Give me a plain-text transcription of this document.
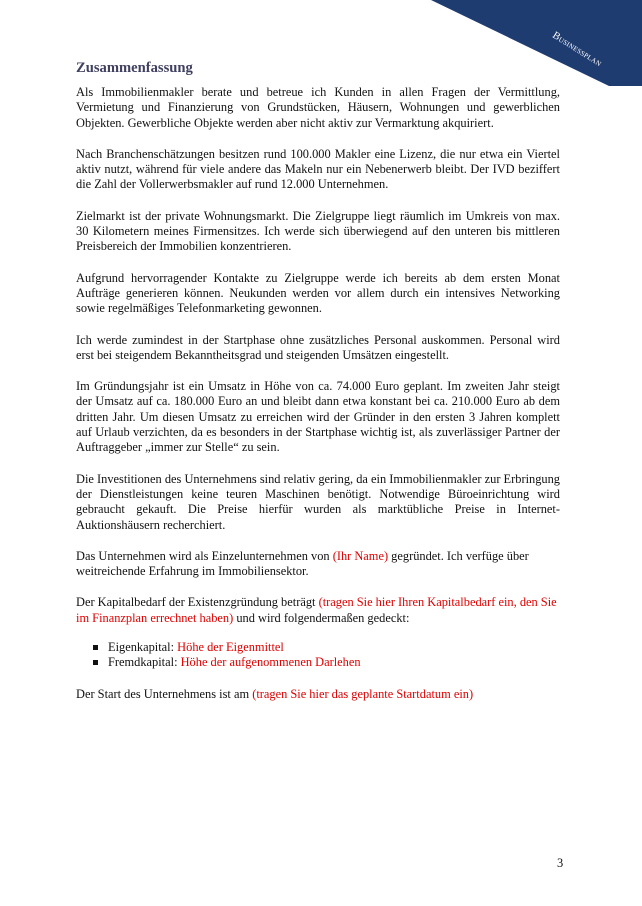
Businessplan
Zusammenfassung

Als Immobilienmakler berate und betreue ich Kunden in allen Fragen der Vermittlung, Vermietung und Finanzierung von Grundstücken, Häusern, Wohnungen und gewerblichen Objekten. Gewerbliche Objekte werden aber nicht aktiv zur Vermarktung akquiriert.

Nach Branchenschätzungen besitzen rund 100.000 Makler eine Lizenz, die nur etwa ein Viertel aktiv nutzt, während für viele andere das Makeln nur ein Nebenerwerb bleibt. Der IVD beziffert die Zahl der Vollerwerbsmakler auf rund 12.000 Unternehmen.

Zielmarkt ist der private Wohnungsmarkt. Die Zielgruppe liegt räumlich im Umkreis von max. 30 Kilometern meines Firmensitzes. Ich werde sich überwiegend auf den unteren bis mittleren Preisbereich der Immobilien konzentrieren.

Aufgrund hervorragender Kontakte zu Zielgruppe werde ich bereits ab dem ersten Monat Aufträge generieren können. Neukunden werden vor allem durch ein intensives Networking sowie regelmäßiges Telefonmarketing gewonnen.

Ich werde zumindest in der Startphase ohne zusätzliches Personal auskommen. Personal wird erst bei steigendem Bekanntheitsgrad und steigenden Umsätzen eingestellt.

Im Gründungsjahr ist ein Umsatz in Höhe von ca. 74.000 Euro geplant. Im zweiten Jahr steigt der Umsatz auf ca. 180.000 Euro an und bleibt dann etwa konstant bei ca. 210.000 Euro ab dem dritten Jahr. Um diesen Umsatz zu erreichen wird der Gründer in den ersten 3 Jahren komplett auf Urlaub verzichten, da es besonders in der Startphase wichtig ist, als zuverlässiger Partner der Auftraggeber „immer zur Stelle“ zu sein.

Die Investitionen des Unternehmens sind relativ gering, da ein Immobilienmakler zur Erbringung der Dienstleistungen keine teuren Maschinen benötigt. Notwendige Büroeinrichtung wird gebraucht gekauft. Die Preise hierfür wurden als marktübliche Preise in Internet-Auktionshäusern recherchiert.

Das Unternehmen wird als Einzelunternehmen von (Ihr Name) gegründet. Ich verfüge über weitreichende Erfahrung im Immobiliensektor.

Der Kapitalbedarf der Existenzgründung beträgt (tragen Sie hier Ihren Kapitalbedarf ein, den Sie im Finanzplan errechnet haben) und wird folgendermaßen gedeckt:

Eigenkapital: Höhe der Eigenmittel
Fremdkapital: Höhe der aufgenommenen Darlehen

Der Start des Unternehmens ist am (tragen Sie hier das geplante Startdatum ein)

3
